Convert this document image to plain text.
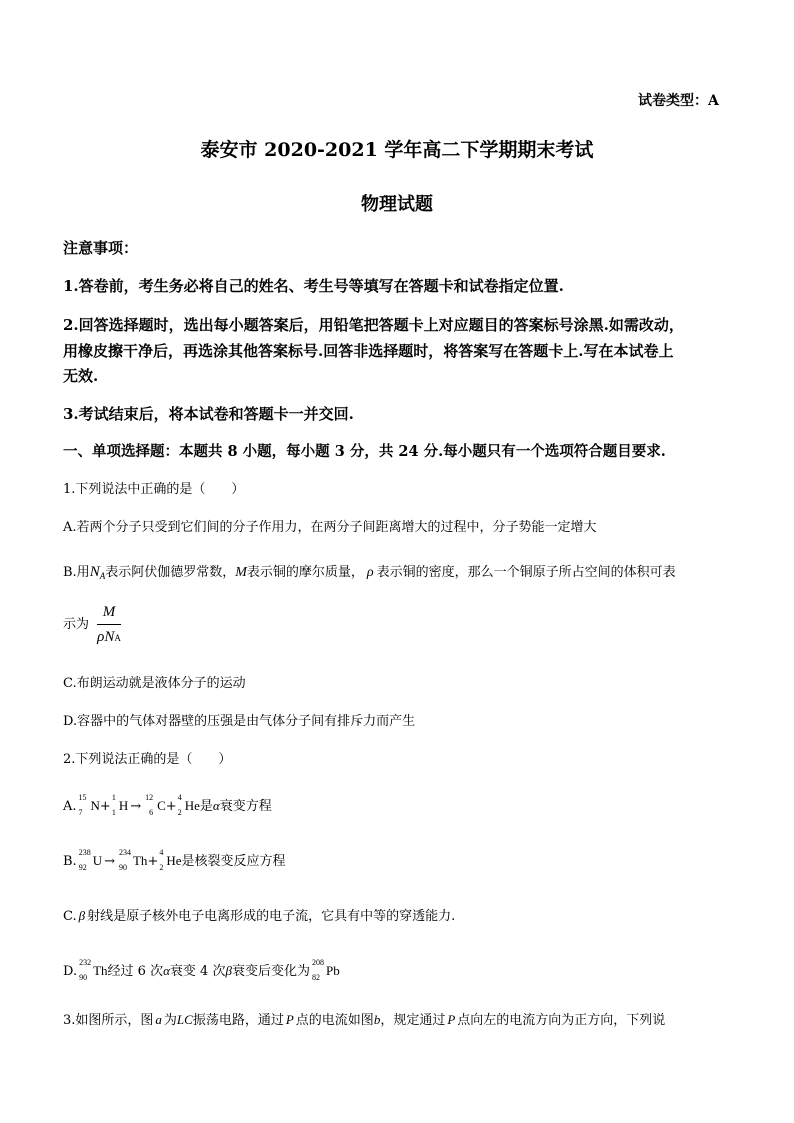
试卷类型：A
泰安市 2020-2021 学年高二下学期期末考试
物理试题
注意事项：
1.答卷前，考生务必将自己的姓名、考生号等填写在答题卡和试卷指定位置.
2.回答选择题时，选出每小题答案后，用铅笔把答题卡上对应题目的答案标号涂黑.如需改动，
用橡皮擦干净后，再选涂其他答案标号.回答非选择题时，将答案写在答题卡上.写在本试卷上
无效.
3.考试结束后，将本试卷和答题卡一并交回.
一、单项选择题：本题共 8 小题，每小题 3 分，共 24 分.每小题只有一个选项符合题目要求.
1.下列说法中正确的是（　　）
A.若两个分子只受到它们间的分子作用力，在两分子间距离增大的过程中，分子势能一定增大
B.用$N_A$表示阿伏伽德罗常数，M表示铜的摩尔质量， ρ 表示铜的密度，那么一个铜原子所占空间的体积可表
示为 $\frac{M}{\text{ρNA}}$
C.布朗运动就是液体分子的运动
D.容器中的气体对器壁的压强是由气体分子间有排斥力而产生
2.下列说法正确的是（　　）
A.
15
7 N+
1
1 H →
12
6 C+
4
2 He是α衰变方程
B.
238
92 U →
234
90 Th+
4
2 He是核裂变反应方程
C. β 射线是原子核外电子电离形成的电子流，它具有中等的穿透能力.
D.
232
90 Th经过 6 次α衰变 4 次β衰变后变化为
208
82 Pb
3.如图所示，图 a 为LC振荡电路，通过 P 点的电流如图b，规定通过 P 点向左的电流方向为正方向，下列说
